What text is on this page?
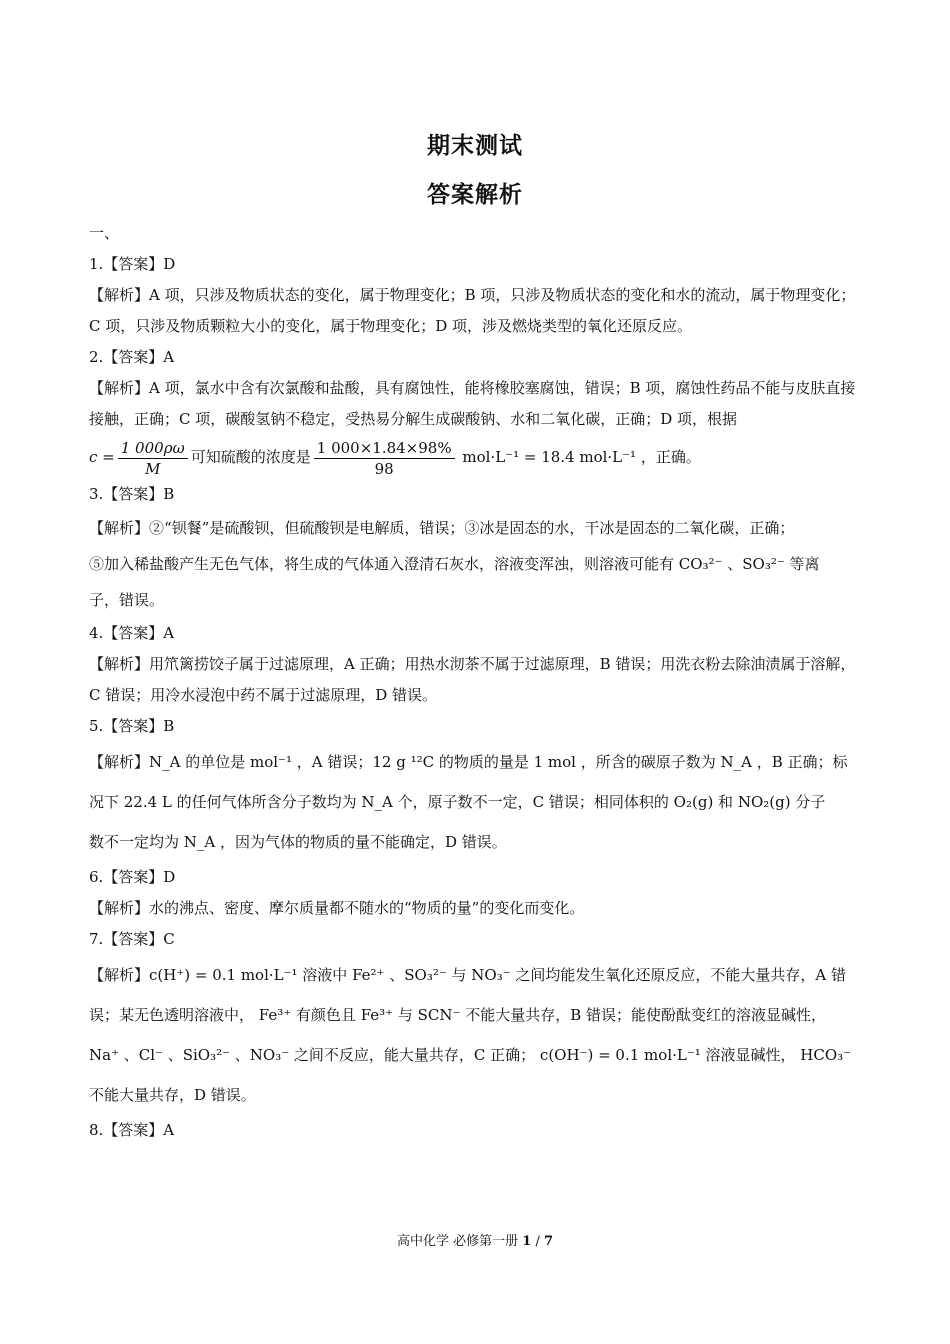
期末测试
答案解析

一、

1.【答案】D

【解析】A 项，只涉及物质状态的变化，属于物理变化；B 项，只涉及物质状态的变化和水的流动，属于物理变化；C 项，只涉及物质颗粒大小的变化，属于物理变化；D 项，涉及燃烧类型的氧化还原反应。

2.【答案】A

【解析】A 项，氯水中含有次氯酸和盐酸，具有腐蚀性，能将橡胶塞腐蚀，错误；B 项，腐蚀性药品不能与皮肤直接接触，正确；C 项，碳酸氢钠不稳定，受热易分解生成碳酸钠、水和二氧化碳，正确；D 项，根据

$c = \frac{1 000\rho\omega}{M}$ 可知硫酸的浓度是 $\frac{1 000\times 1.84\times 98\%}{98} mol\cdot L^{-1} = 18.4$ mol·L⁻¹ ，正确。

3.【答案】B

【解析】②“钡餐”是硫酸钡，但硫酸钡是电解质，错误；③冰是固态的水，干冰是固态的二氧化碳，正确；

⑤加入稀盐酸产生无色气体，将生成的气体通入澄清石灰水，溶液变浑浊，则溶液可能有 CO₃²⁻ 、SO₃²⁻ 等离

子，错误。

4.【答案】A

【解析】用笊篱捞饺子属于过滤原理，A 正确；用热水沏茶不属于过滤原理，B 错误；用洗衣粉去除油渍属于溶解，C 错误；用冷水浸泡中药不属于过滤原理，D 错误。

5.【答案】B

【解析】N_A 的单位是 mol⁻¹ ，A 错误；12 g ¹²C 的物质的量是 1 mol ，所含的碳原子数为 N_A ，B 正确；标

况下 22.4 L 的任何气体所含分子数均为 N_A 个，原子数不一定，C 错误；相同体积的 O₂(g) 和 NO₂(g) 分子

数不一定均为 N_A ，因为气体的物质的量不能确定，D 错误。

6.【答案】D

【解析】水的沸点、密度、摩尔质量都不随水的“物质的量”的变化而变化。

7.【答案】C

【解析】c(H⁺) = 0.1 mol·L⁻¹ 溶液中 Fe²⁺ 、SO₃²⁻ 与 NO₃⁻ 之间均能发生氧化还原反应，不能大量共存，A 错

误；某无色透明溶液中， Fe³⁺ 有颜色且 Fe³⁺ 与 SCN⁻ 不能大量共存，B 错误；能使酚酞变红的溶液显碱性，

Na⁺ 、Cl⁻ 、SiO₃²⁻ 、NO₃⁻ 之间不反应，能大量共存，C 正确； c(OH⁻) = 0.1 mol·L⁻¹ 溶液显碱性， HCO₃⁻

不能大量共存，D 错误。

8.【答案】A

高中化学 必修第一册 1 / 7
